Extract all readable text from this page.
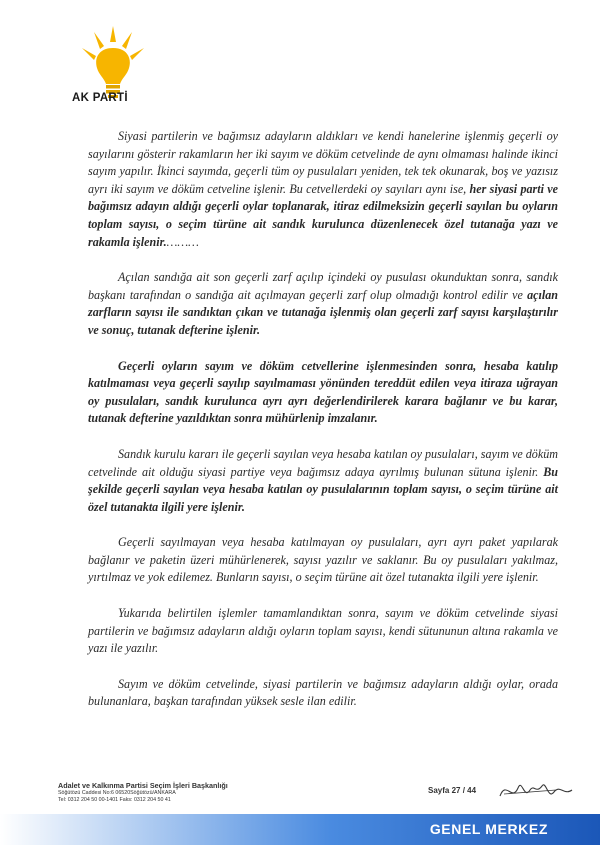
AK PARTİ

Siyasi partilerin ve bağımsız adayların aldıkları ve kendi hanelerine işlenmiş geçerli oy sayılarını gösterir rakamların her iki sayım ve döküm cetvelinde de aynı olmaması halinde ikinci sayım yapılır. İkinci sayımda, geçerli tüm oy pusulaları yeniden, tek tek okunarak, boş ve yazısız ayrı iki sayım ve döküm cetveline işlenir. Bu cetvellerdeki oy sayıları aynı ise, her siyasi parti ve bağımsız adayın aldığı geçerli oylar toplanarak, itiraz edilmeksizin geçerli sayılan bu oyların toplam sayısı, o seçim türüne ait sandık kurulunca düzenlenecek özel tutanağa yazı ve rakamla işlenir.………

Açılan sandığa ait son geçerli zarf açılıp içindeki oy pusulası okunduktan sonra, sandık başkanı tarafından o sandığa ait açılmayan geçerli zarf olup olmadığı kontrol edilir ve açılan zarfların sayısı ile sandıktan çıkan ve tutanağa işlenmiş olan geçerli zarf sayısı karşılaştırılır ve sonuç, tutanak defterine işlenir.

Geçerli oyların sayım ve döküm cetvellerine işlenmesinden sonra, hesaba katılıp katılmaması veya geçerli sayılıp sayılmaması yönünden tereddüt edilen veya itiraza uğrayan oy pusulaları, sandık kurulunca ayrı ayrı değerlendirilerek karara bağlanır ve bu karar, tutanak defterine yazıldıktan sonra mühürlenip imzalanır.

Sandık kurulu kararı ile geçerli sayılan veya hesaba katılan oy pusulaları, sayım ve döküm cetvelinde ait olduğu siyasi partiye veya bağımsız adaya ayrılmış bulunan sütuna işlenir. Bu şekilde geçerli sayılan veya hesaba katılan oy pusulalarının toplam sayısı, o seçim türüne ait özel tutanakta ilgili yere işlenir.

Geçerli sayılmayan veya hesaba katılmayan oy pusulaları, ayrı ayrı paket yapılarak bağlanır ve paketin üzeri mühürlenerek, sayısı yazılır ve saklanır. Bu oy pusulaları yakılmaz, yırtılmaz ve yok edilemez. Bunların sayısı, o seçim türüne ait özel tutanakta ilgili yere işlenir.

Yukarıda belirtilen işlemler tamamlandıktan sonra, sayım ve döküm cetvelinde siyasi partilerin ve bağımsız adayların aldığı oyların toplam sayısı, kendi sütununun altına rakamla ve yazı ile yazılır.

Sayım ve döküm cetvelinde, siyasi partilerin ve bağımsız adayların aldığı oylar, orada bulunanlara, başkan tarafından yüksek sesle ilan edilir.

Adalet ve Kalkınma Partisi Seçim İşleri Başkanlığı
Söğütözü Caddesi No:6 06520Söğütözü/ANKARA
Tel: 0312 204 50 00-1401 Faks: 0312 204 50 41
Sayfa 27 / 44
GENEL MERKEZ
